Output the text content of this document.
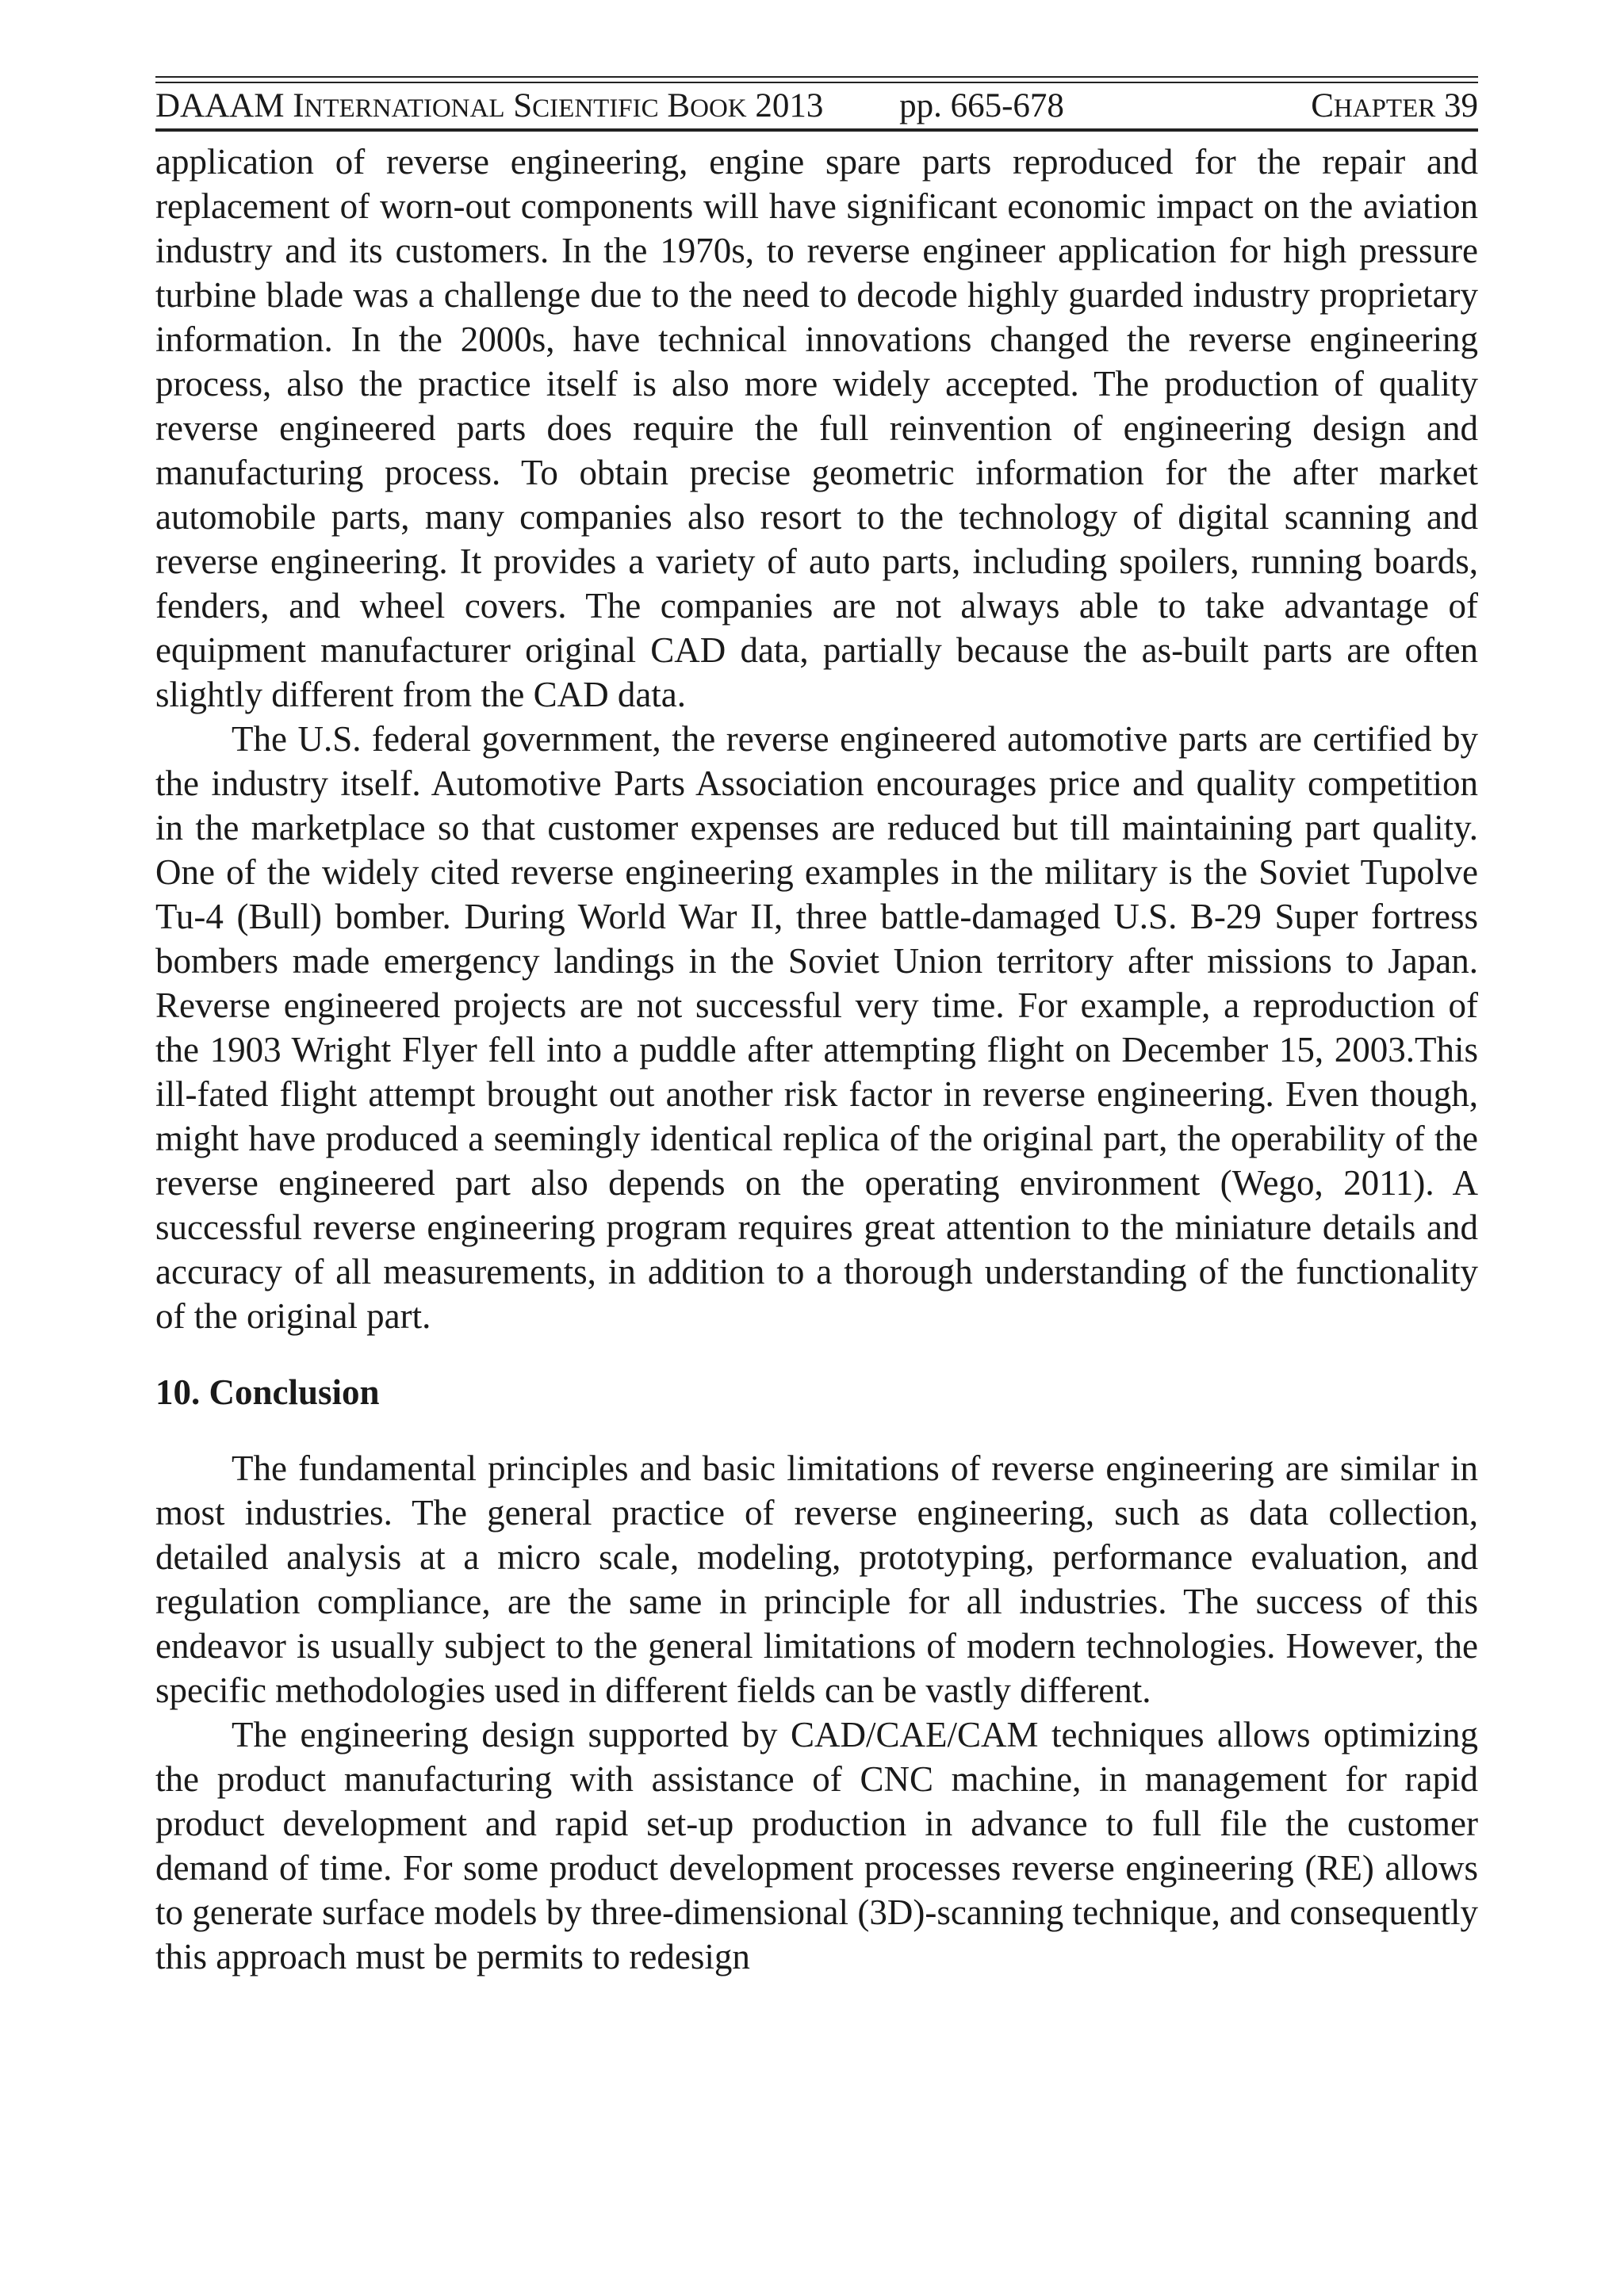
DAAAM INTERNATIONAL SCIENTIFIC BOOK 2013 pp. 665-678	CHAPTER 39

application of reverse engineering, engine spare parts reproduced for the repair and replacement of worn-out components will have significant economic impact on the aviation industry and its customers. In the 1970s, to reverse engineer application for high pressure turbine blade was a challenge due to the need to decode highly guarded industry proprietary information. In the 2000s, have technical innovations changed the reverse engineering process, also the practice itself is also more widely accepted. The production of quality reverse engineered parts does require the full reinvention of engineering design and manufacturing process. To obtain precise geometric information for the after market automobile parts, many companies also resort to the technology of digital scanning and reverse engineering. It provides a variety of auto parts, including spoilers, running boards, fenders, and wheel covers. The companies are not always able to take advantage of equipment manufacturer original CAD data, partially because the as-built parts are often slightly different from the CAD data.

The U.S. federal government, the reverse engineered automotive parts are certified by the industry itself. Automotive Parts Association encourages price and quality competition in the marketplace so that customer expenses are reduced but till maintaining part quality. One of the widely cited reverse engineering examples in the military is the Soviet Tupolve Tu-4 (Bull) bomber. During World War II, three battle-damaged U.S. B-29 Super fortress bombers made emergency landings in the Soviet Union territory after missions to Japan. Reverse engineered projects are not successful very time. For example, a reproduction of the 1903 Wright Flyer fell into a puddle after attempting flight on December 15, 2003.This ill-fated flight attempt brought out another risk factor in reverse engineering. Even though, might have produced a seemingly identical replica of the original part, the operability of the reverse engineered part also depends on the operating environment (Wego, 2011). A successful reverse engineering program requires great attention to the miniature details and accuracy of all measurements, in addition to a thorough understanding of the functionality of the original part.

10. Conclusion

The fundamental principles and basic limitations of reverse engineering are similar in most industries. The general practice of reverse engineering, such as data collection, detailed analysis at a micro scale, modeling, prototyping, performance evaluation, and regulation compliance, are the same in principle for all industries. The success of this endeavor is usually subject to the general limitations of modern technologies. However, the specific methodologies used in different fields can be vastly different.

The engineering design supported by CAD/CAE/CAM techniques allows optimizing the product manufacturing with assistance of CNC machine, in management for rapid product development and rapid set-up production in advance to full file the customer demand of time. For some product development processes reverse engineering (RE) allows to generate surface models by three-dimensional (3D)-scanning technique, and consequently this approach must be permits to redesign
